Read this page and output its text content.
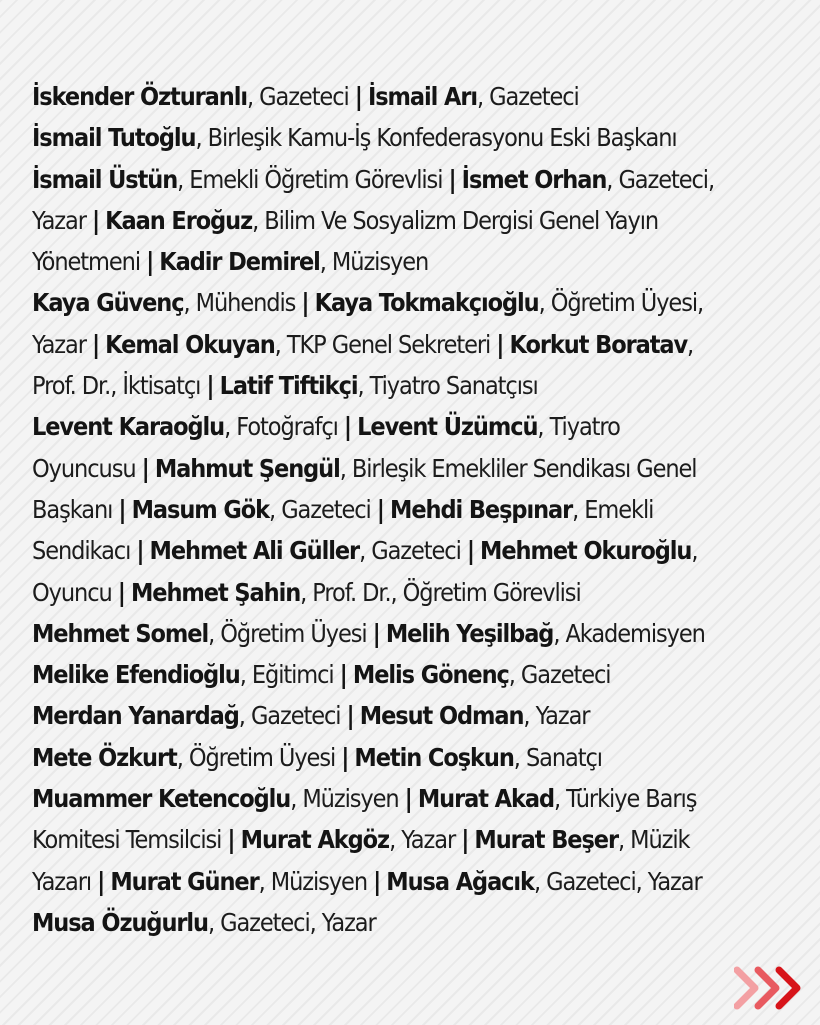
İskender Özturanlı, Gazeteci | İsmail Arı, Gazeteci
İsmail Tutoğlu, Birleşik Kamu-İş Konfederasyonu Eski Başkanı
İsmail Üstün, Emekli Öğretim Görevlisi | İsmet Orhan, Gazeteci,
Yazar | Kaan Eroğuz, Bilim Ve Sosyalizm Dergisi Genel Yayın
Yönetmeni | Kadir Demirel, Müzisyen
Kaya Güvenç, Mühendis | Kaya Tokmakçıoğlu, Öğretim Üyesi,
Yazar | Kemal Okuyan, TKP Genel Sekreteri | Korkut Boratav,
Prof. Dr., İktisatçı | Latif Tiftikçi, Tiyatro Sanatçısı
Levent Karaoğlu, Fotoğrafçı | Levent Üzümcü, Tiyatro
Oyuncusu | Mahmut Şengül, Birleşik Emekliler Sendikası Genel
Başkanı | Masum Gök, Gazeteci | Mehdi Beşpınar, Emekli
Sendikacı | Mehmet Ali Güller, Gazeteci | Mehmet Okuroğlu,
Oyuncu | Mehmet Şahin, Prof. Dr., Öğretim Görevlisi
Mehmet Somel, Öğretim Üyesi | Melih Yeşilbağ, Akademisyen
Melike Efendioğlu, Eğitimci | Melis Gönenç, Gazeteci
Merdan Yanardağ, Gazeteci | Mesut Odman, Yazar
Mete Özkurt, Öğretim Üyesi | Metin Coşkun, Sanatçı
Muammer Ketencoğlu, Müzisyen | Murat Akad, Türkiye Barış
Komitesi Temsilcisi | Murat Akgöz, Yazar | Murat Beşer, Müzik
Yazarı | Murat Güner, Müzisyen | Musa Ağacık, Gazeteci, Yazar
Musa Özuğurlu, Gazeteci, Yazar
